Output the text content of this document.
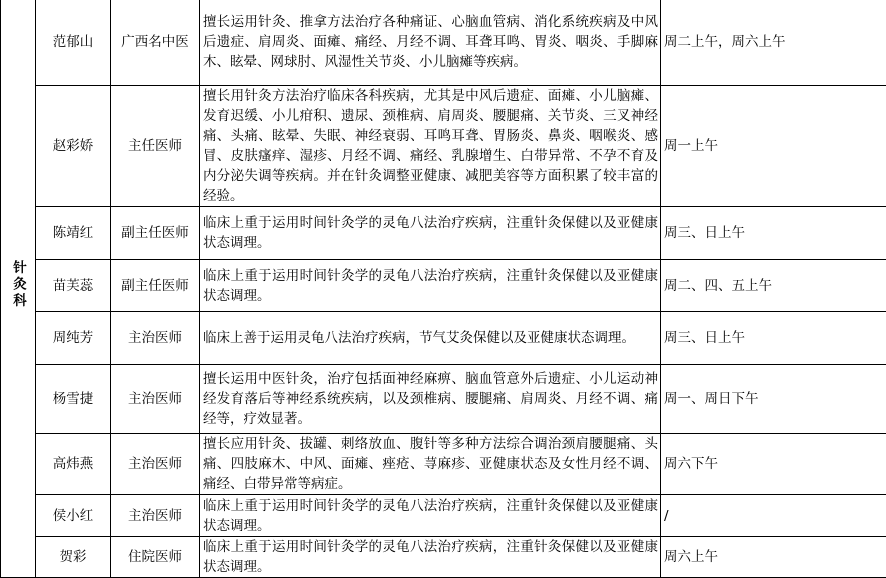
针灸科	范郁山	广西名中医	擅长运用针灸、推拿方法治疗各种痛证、心脑血管病、消化系统疾病及中风后遗症、肩周炎、面瘫、痛经、月经不调、耳聋耳鸣、胃炎、咽炎、手脚麻木、眩晕、网球肘、风湿性关节炎、小儿脑瘫等疾病。	周二上午，周六上午
	赵彩娇	主任医师	擅长用针灸方法治疗临床各科疾病，尤其是中风后遗症、面瘫、小儿脑瘫、发育迟缓、小儿疳积、遗尿、颈椎病、肩周炎、腰腿痛、关节炎、三叉神经痛、头痛、眩晕、失眠、神经衰弱、耳鸣耳聋、胃肠炎、鼻炎、咽喉炎、感冒、皮肤瘙痒、湿疹、月经不调、痛经、乳腺增生、白带异常、不孕不育及内分泌失调等疾病。并在针灸调整亚健康、减肥美容等方面积累了较丰富的经验。	周一上午
	陈靖红	副主任医师	临床上重于运用时间针灸学的灵龟八法治疗疾病，注重针灸保健以及亚健康状态调理。	周三、日上午
	苗芙蕊	副主任医师	临床上重于运用时间针灸学的灵龟八法治疗疾病，注重针灸保健以及亚健康状态调理。	周二、四、五上午
	周纯芳	主治医师	临床上善于运用灵龟八法治疗疾病，节气艾灸保健以及亚健康状态调理。	周三、日上午
	杨雪捷	主治医师	擅长运用中医针灸，治疗包括面神经麻痹、脑血管意外后遗症、小儿运动神经发育落后等神经系统疾病，以及颈椎病、腰腿痛、肩周炎、月经不调、痛经等，疗效显著。	周一、周日下午
	高炜燕	主治医师	擅长应用针灸、拔罐、刺络放血、腹针等多种方法综合调治颈肩腰腿痛、头痛、四肢麻木、中风、面瘫、痤疮、荨麻疹、亚健康状态及女性月经不调、痛经、白带异常等病症。	周六下午
	侯小红	主治医师	临床上重于运用时间针灸学的灵龟八法治疗疾病，注重针灸保健以及亚健康状态调理。	/
	贺彩	住院医师	临床上重于运用时间针灸学的灵龟八法治疗疾病，注重针灸保健以及亚健康状态调理。	周六上午
